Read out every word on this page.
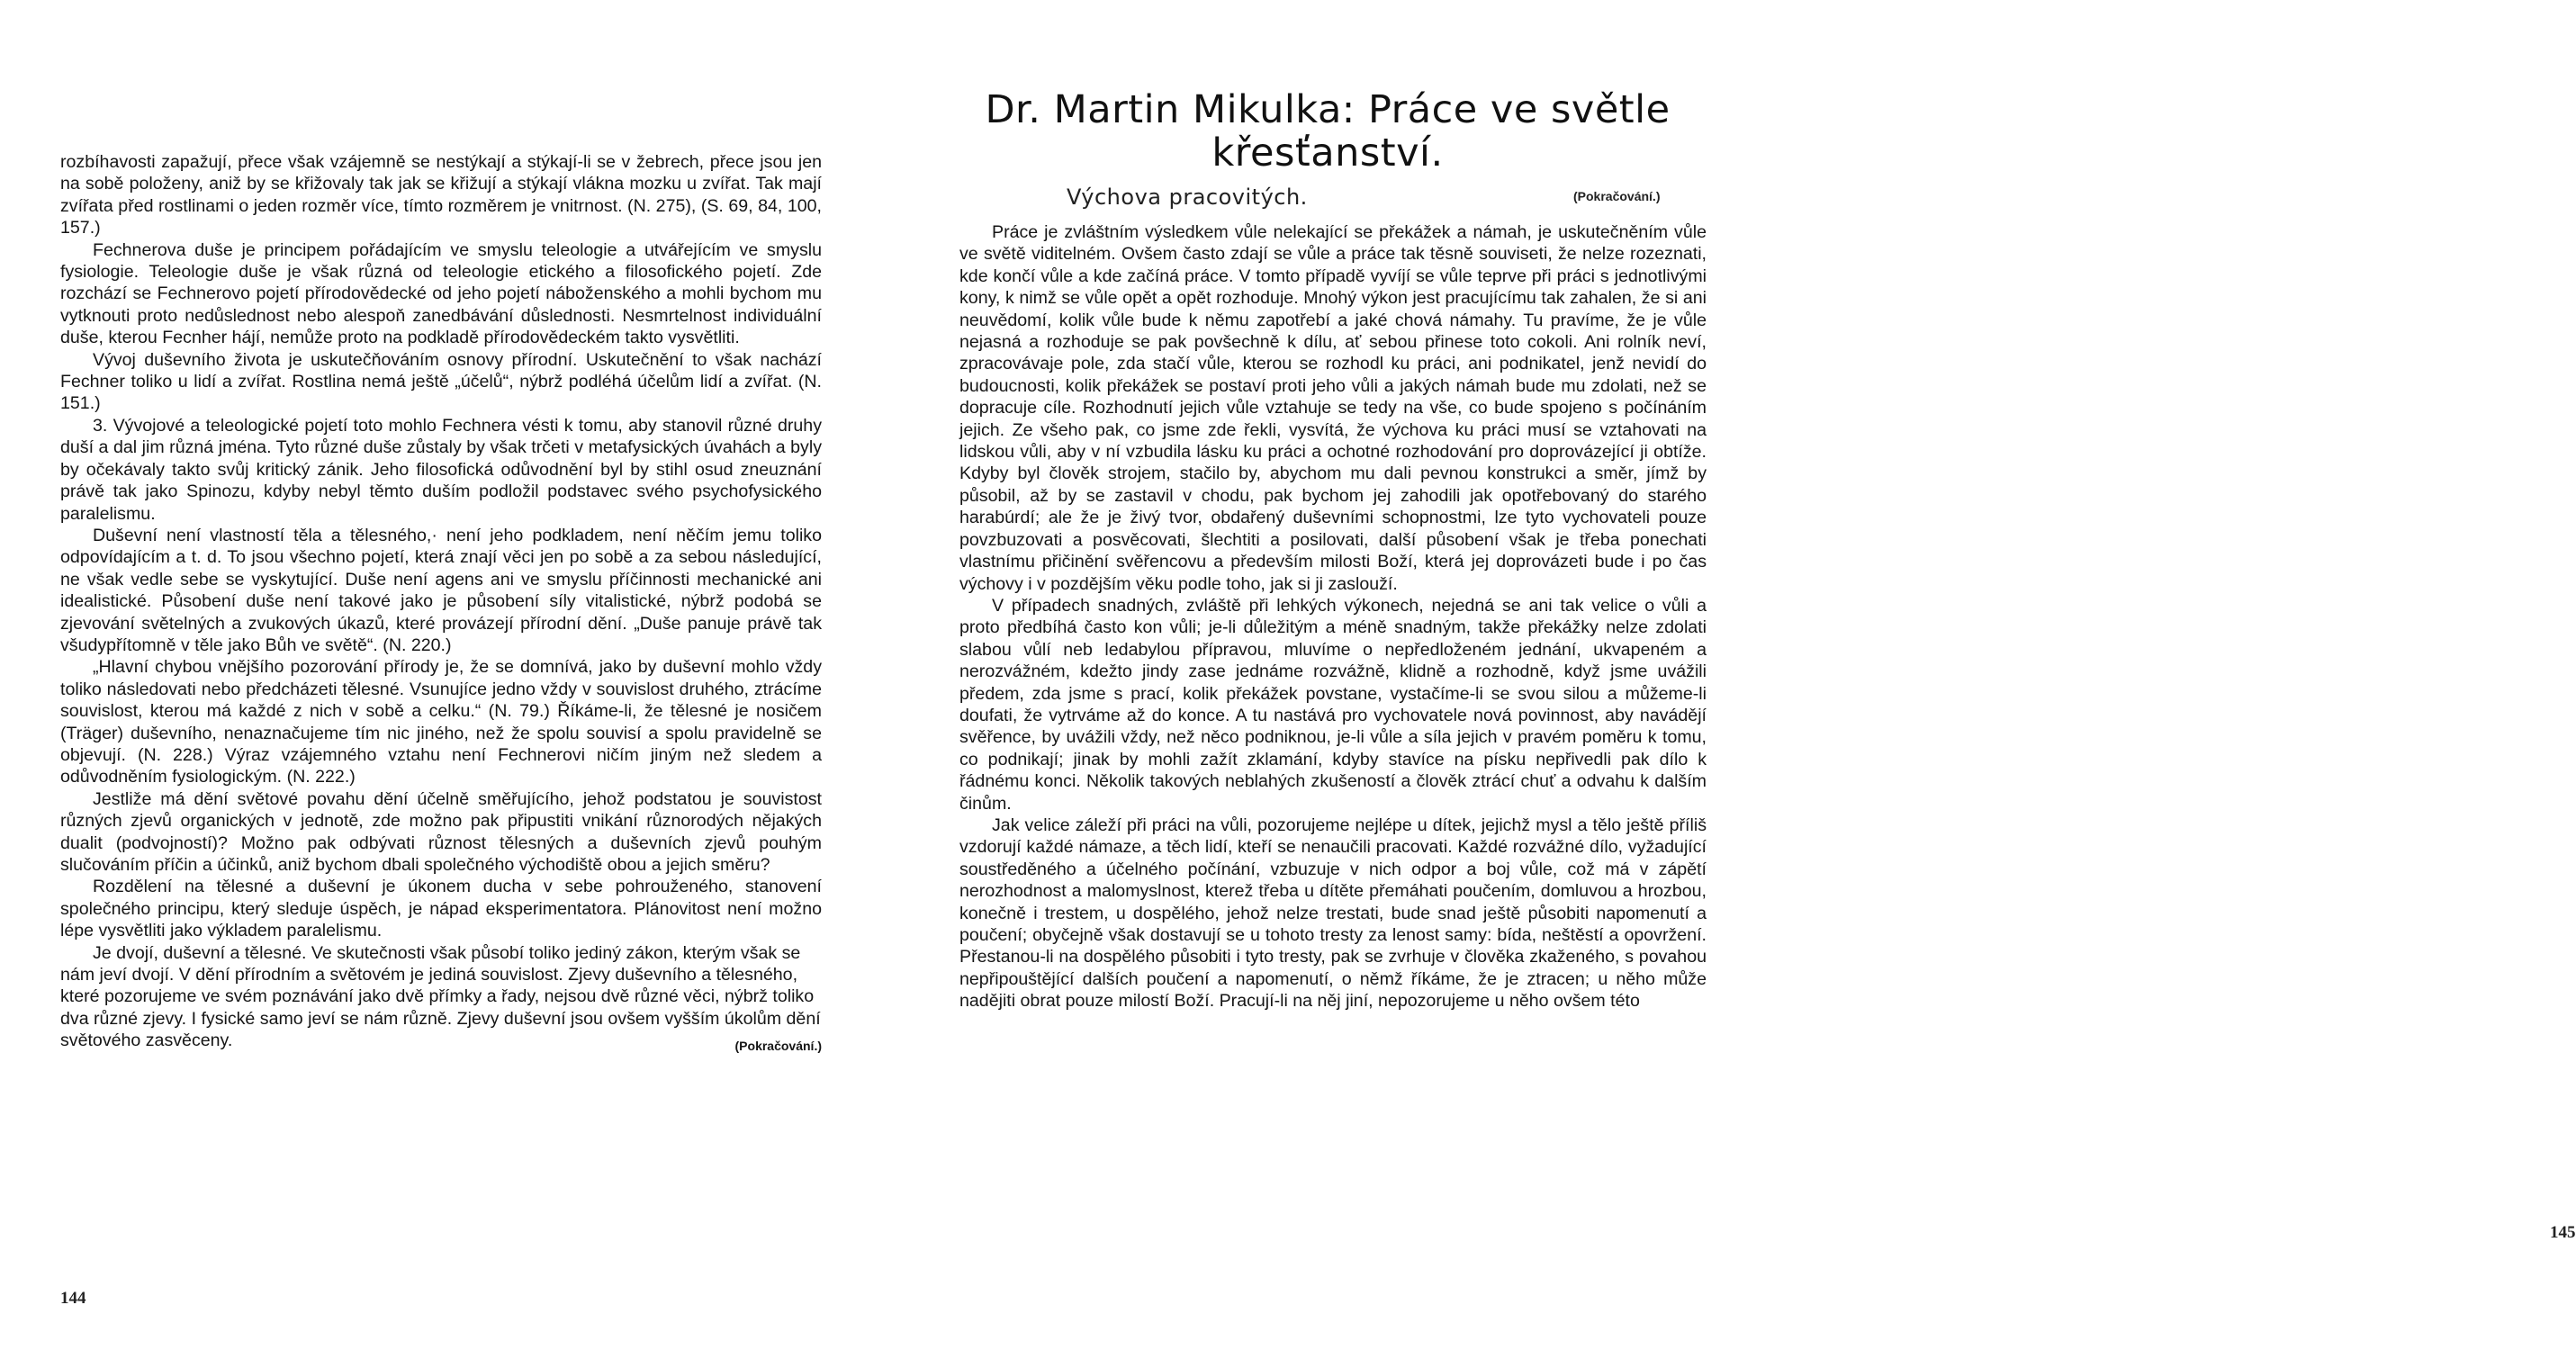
rozbíhavosti zapažují, přece však vzájemně se nestýkají a stýkají-li se v žebrech, přece jsou jen na sobě položeny, aniž by se křižovaly tak jak se křižují a stýkají vlákna mozku u zvířat. Tak mají zvířata před rostlinami o jeden rozměr více, tímto rozměrem je vnitrnost. (N. 275), (S. 69, 84, 100, 157.)

Fechnerova duše je principem pořádajícím ve smyslu teleologie a utvářejícím ve smyslu fysiologie. Teleologie duše je však různá od teleologie etického a filosofického pojetí. Zde rozchází se Fechnerovo pojetí přírodovědecké od jeho pojetí náboženského a mohli bychom mu vytknouti proto nedůslednost nebo alespoň zanedbávání důslednosti. Nesmrtelnost individuální duše, kterou Fecnher hájí, nemůže proto na podkladě přírodovědeckém takto vysvětliti.

Vývoj duševního života je uskutečňováním osnovy přírodní. Uskutečnění to však nachází Fechner toliko u lidí a zvířat. Rostlina nemá ještě „účelů“, nýbrž podléhá účelům lidí a zvířat. (N. 151.)

3. Vývojové a teleologické pojetí toto mohlo Fechnera vésti k tomu, aby stanovil různé druhy duší a dal jim různá jména. Tyto různé duše zůstaly by však trčeti v metafysických úvahách a byly by očekávaly takto svůj kritický zánik. Jeho filosofická odůvodnění byl by stihl osud zneuznání právě tak jako Spinozu, kdyby nebyl těmto duším podložil podstavec svého psychofysického paralelismu.

Duševní není vlastností těla a tělesného,· není jeho podkladem, není něčím jemu toliko odpovídajícím a t. d. To jsou všechno pojetí, která znají věci jen po sobě a za sebou následující, ne však vedle sebe se vyskytující. Duše není agens ani ve smyslu příčinnosti mechanické ani idealistické. Působení duše není takové jako je působení síly vitalistické, nýbrž podobá se zjevování světelných a zvukových úkazů, které provázejí přírodní dění. „Duše panuje právě tak všudypřítomně v těle jako Bůh ve světě“. (N. 220.)

„Hlavní chybou vnějšího pozorování přírody je, že se domnívá, jako by duševní mohlo vždy toliko následovati nebo předcházeti tělesné. Vsunujíce jedno vždy v souvislost druhého, ztrácíme souvislost, kterou má každé z nich v sobě a celku.“ (N. 79.) Říkáme-li, že tělesné je nosičem (Träger) duševního, nenaznačujeme tím nic jiného, než že spolu souvisí a spolu pravidelně se objevují. (N. 228.) Výraz vzájemného vztahu není Fechnerovi ničím jiným než sledem a odůvodněním fysiologickým. (N. 222.)

Jestliže má dění světové povahu dění účelně směřujícího, jehož podstatou je souvistost různých zjevů organických v jednotě, zde možno pak připustiti vnikání různorodých nějakých dualit (podvojností)? Možno pak odbývati různost tělesných a duševních zjevů pouhým slučováním příčin a účinků, aniž bychom dbali společného východiště obou a jejich směru?

Rozdělení na tělesné a duševní je úkonem ducha v sebe pohrouženého, stanovení společného principu, který sleduje úspěch, je nápad eksperimentatora. Plánovitost není možno lépe vysvětliti jako výkladem paralelismu.

Je dvojí, duševní a tělesné. Ve skutečnosti však působí toliko jediný zákon, kterým však se nám jeví dvojí. V dění přírodním a světovém je jediná souvislost. Zjevy duševního a tělesného, které pozorujeme ve svém poznávání jako dvě přímky a řady, nejsou dvě různé věci, nýbrž toliko dva různé zjevy. I fysické samo jeví se nám různě. Zjevy duševní jsou ovšem vyšším úkolům dění světového zasvěceny.	(Pokračování.)

144
Dr. Martin Mikulka: Práce ve světle křesťanství.
Výchova pracovitých.	(Pokračování.)

Práce je zvláštním výsledkem vůle nelekající se překážek a námah, je uskutečněním vůle ve světě viditelném. Ovšem často zdají se vůle a práce tak těsně souviseti, že nelze rozeznati, kde končí vůle a kde začíná práce. V tomto případě vyvíjí se vůle teprve při práci s jednotlivými kony, k nimž se vůle opět a opět rozhoduje. Mnohý výkon jest pracujícímu tak zahalen, že si ani neuvědomí, kolik vůle bude k němu zapotřebí a jaké chová námahy. Tu pravíme, že je vůle nejasná a rozhoduje se pak povšechně k dílu, ať sebou přinese toto cokoli. Ani rolník neví, zpracovávaje pole, zda stačí vůle, kterou se rozhodl ku práci, ani podnikatel, jenž nevidí do budoucnosti, kolik překážek se postaví proti jeho vůli a jakých námah bude mu zdolati, než se dopracuje cíle. Rozhodnutí jejich vůle vztahuje se tedy na vše, co bude spojeno s počínáním jejich. Ze všeho pak, co jsme zde řekli, vysvítá, že výchova ku práci musí se vztahovati na lidskou vůli, aby v ní vzbudila lásku ku práci a ochotné rozhodování pro doprovázející ji obtíže. Kdyby byl člověk strojem, stačilo by, abychom mu dali pevnou konstrukci a směr, jímž by působil, až by se zastavil v chodu, pak bychom jej zahodili jak opotřebovaný do starého harabúrdí; ale že je živý tvor, obdařený duševními schopnostmi, lze tyto vychovateli pouze povzbuzovati a posvěcovati, šlechtiti a posilovati, další působení však je třeba ponechati vlastnímu přičinění svěřencovu a především milosti Boží, která jej doprovázeti bude i po čas výchovy i v pozdějším věku podle toho, jak si ji zaslouží.

V případech snadných, zvláště při lehkých výkonech, nejedná se ani tak velice o vůli a proto předbíhá často kon vůli; je-li důležitým a méně snadným, takže překážky nelze zdolati slabou vůlí neb ledabylou přípravou, mluvíme o nepředloženém jednání, ukvapeném a nerozvážném, kdežto jindy zase jednáme rozvážně, klidně a rozhodně, když jsme uvážili předem, zda jsme s prací, kolik překážek povstane, vystačíme-li se svou silou a můžeme-li doufati, že vytrváme až do konce. A tu nastává pro vychovatele nová povinnost, aby navádějí svěřence, by uvážili vždy, než něco podniknou, je-li vůle a síla jejich v pravém poměru k tomu, co podnikají; jinak by mohli zažít zklamání, kdyby stavíce na písku nepřivedli pak dílo k řádnému konci. Několik takových neblahých zkušeností a člověk ztrácí chuť a odvahu k dalším činům.

Jak velice záleží při práci na vůli, pozorujeme nejlépe u dítek, jejichž mysl a tělo ještě příliš vzdorují každé námaze, a těch lidí, kteří se nenaučili pracovati. Každé rozvážné dílo, vyžadující soustředěného a účelného počínání, vzbuzuje v nich odpor a boj vůle, což má v zápětí nerozhodnost a malomyslnost, kterež třeba u dítěte přemáhati poučením, domluvou a hrozbou, konečně i trestem, u dospělého, jehož nelze trestati, bude snad ještě působiti napomenutí a poučení; obyčejně však dostavují se u tohoto tresty za lenost samy: bída, neštěstí a opovržení. Přestanou-li na dospělého působiti i tyto tresty, pak se zvrhuje v člověka zkaženého, s povahou nepřipouštějící dalších poučení a napomenutí, o němž říkáme, že je ztracen; u něho může nadějiti obrat pouze milostí Boží. Pracují-li na něj jiní, nepozorujeme u něho ovšem této

145
